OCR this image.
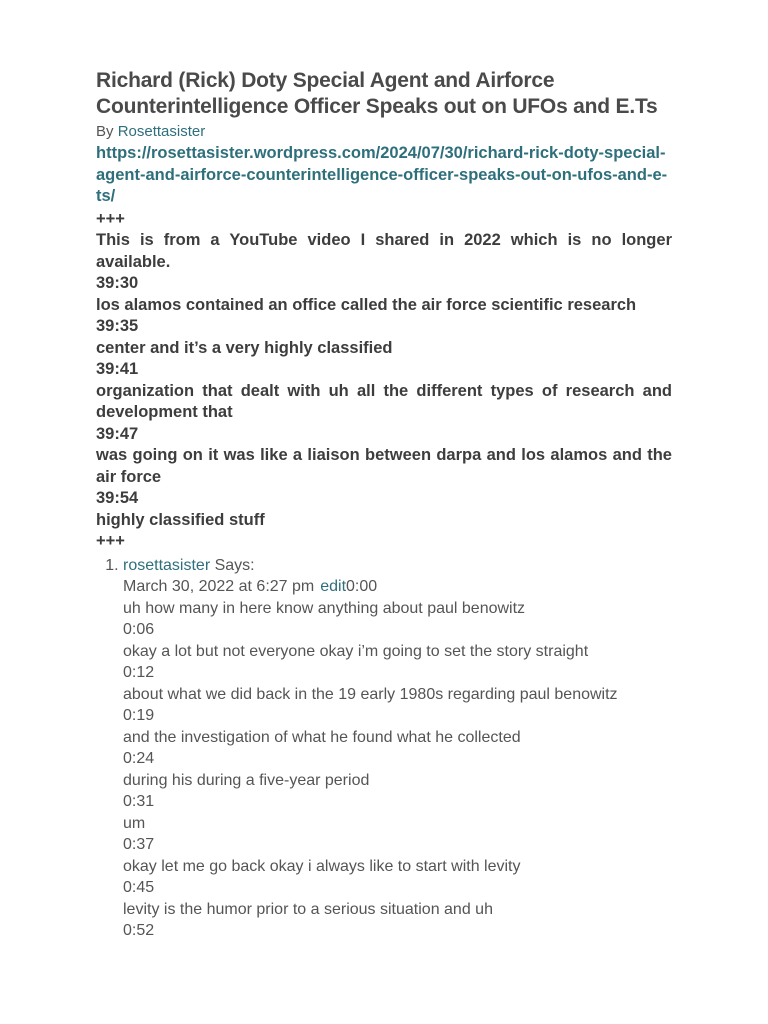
Richard (Rick) Doty Special Agent and Airforce Counterintelligence Officer Speaks out on UFOs and E.Ts
By Rosettasister
https://rosettasister.wordpress.com/2024/07/30/richard-rick-doty-special-agent-and-airforce-counterintelligence-officer-speaks-out-on-ufos-and-e-ts/
+++
This is from a YouTube video I shared in 2022 which is no longer available.
39:30
los alamos contained an office called the air force scientific research
39:35
center and it’s a very highly classified
39:41
organization that dealt with uh all the different types of research and development that
39:47
was going on it was like a liaison between darpa and los alamos and the air force
39:54
highly classified stuff
+++
1. rosettasister Says:
March 30, 2022 at 6:27 pm edit0:00
uh how many in here know anything about paul benowitz
0:06
okay a lot but not everyone okay i’m going to set the story straight
0:12
about what we did back in the 19 early 1980s regarding paul benowitz
0:19
and the investigation of what he found what he collected
0:24
during his during a five-year period
0:31
um
0:37
okay let me go back okay i always like to start with levity
0:45
levity is the humor prior to a serious situation and uh
0:52
